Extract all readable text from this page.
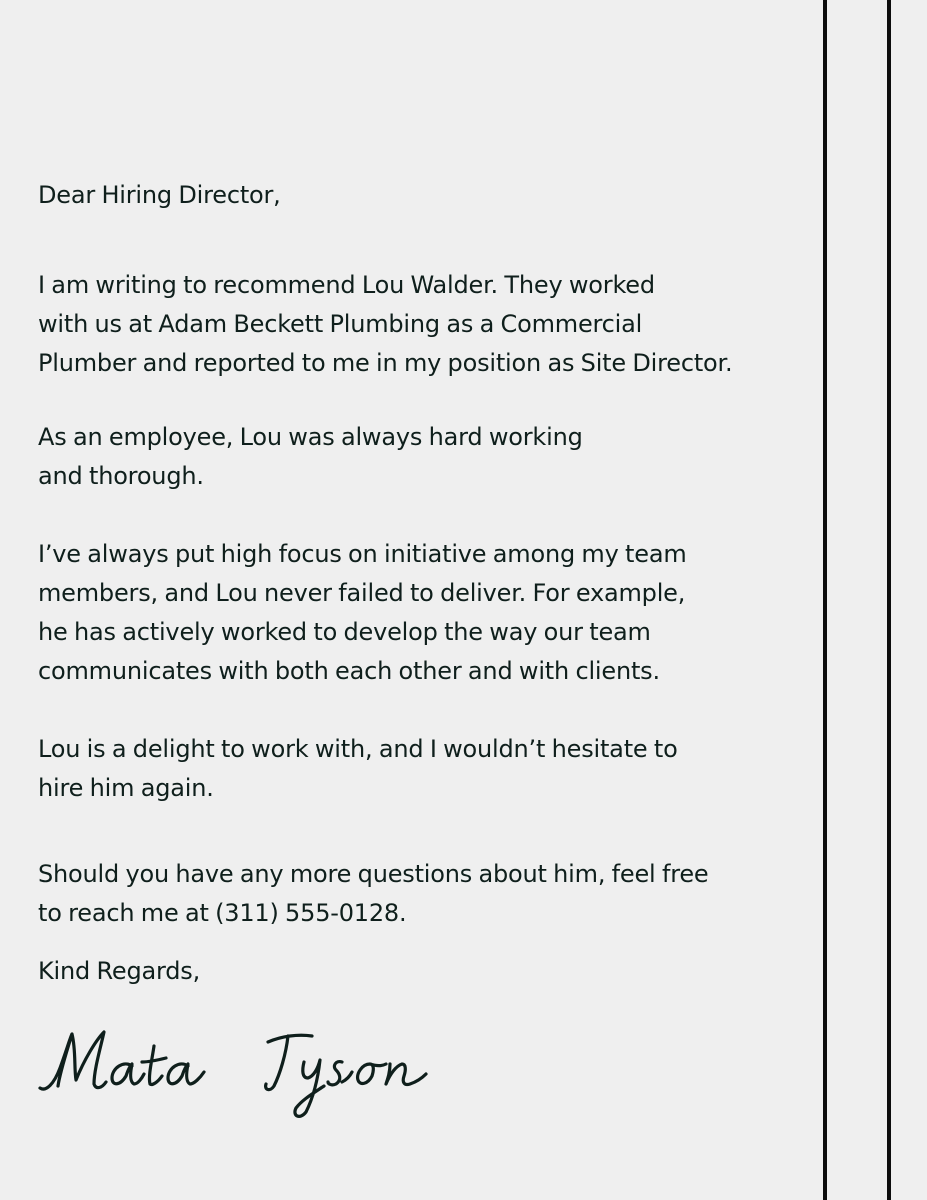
Dear Hiring Director,

I am writing to recommend Lou Walder. They worked
with us at Adam Beckett Plumbing as a Commercial
Plumber and reported to me in my position as Site Director.

As an employee, Lou was always hard working
and thorough.

I’ve always put high focus on initiative among my team
members, and Lou never failed to deliver. For example,
he has actively worked to develop the way our team
communicates with both each other and with clients.

Lou is a delight to work with, and I wouldn’t hesitate to
hire him again.

Should you have any more questions about him, feel free
to reach me at (311) 555-0128.

Kind Regards,
